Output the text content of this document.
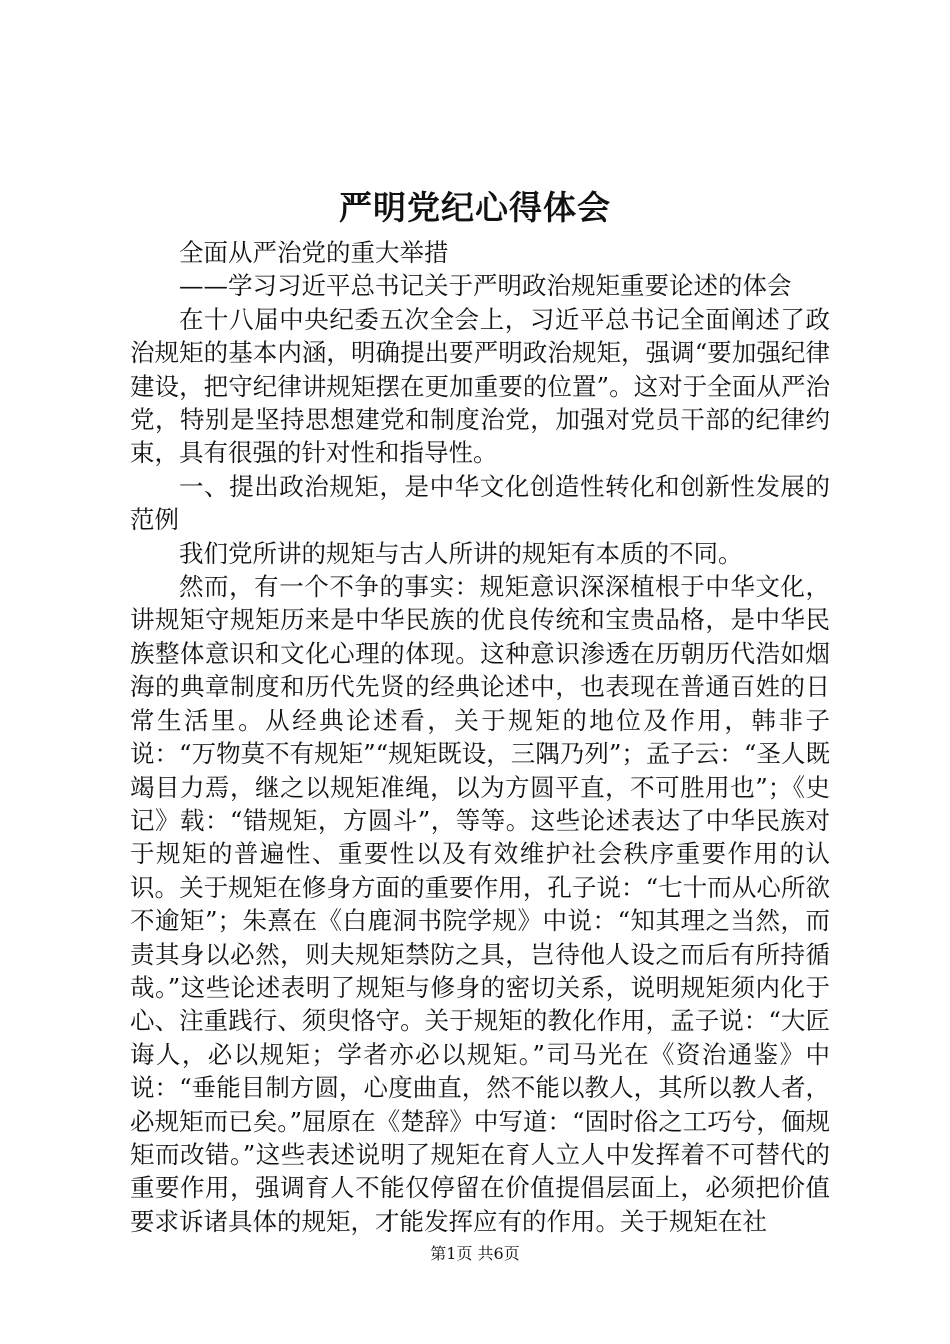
严明党纪心得体会

全面从严治党的重大举措

——学习习近平总书记关于严明政治规矩重要论述的体会

在十八届中央纪委五次全会上，习近平总书记全面阐述了政治规矩的基本内涵，明确提出要严明政治规矩，强调“要加强纪律建设，把守纪律讲规矩摆在更加重要的位置”。这对于全面从严治党，特别是坚持思想建党和制度治党，加强对党员干部的纪律约束，具有很强的针对性和指导性。

一、提出政治规矩，是中华文化创造性转化和创新性发展的范例

我们党所讲的规矩与古人所讲的规矩有本质的不同。

然而，有一个不争的事实：规矩意识深深植根于中华文化，讲规矩守规矩历来是中华民族的优良传统和宝贵品格，是中华民族整体意识和文化心理的体现。这种意识渗透在历朝历代浩如烟海的典章制度和历代先贤的经典论述中，也表现在普通百姓的日常生活里。从经典论述看，关于规矩的地位及作用，韩非子说：“万物莫不有规矩”“规矩既设，三隅乃列”；孟子云：“圣人既竭目力焉，继之以规矩准绳，以为方圆平直，不可胜用也”；《史记》载：“错规矩，方圆斗”，等等。这些论述表达了中华民族对于规矩的普遍性、重要性以及有效维护社会秩序重要作用的认识。关于规矩在修身方面的重要作用，孔子说：“七十而从心所欲不逾矩”；朱熹在《白鹿洞书院学规》中说：“知其理之当然，而责其身以必然，则夫规矩禁防之具，岂待他人设之而后有所持循哉。”这些论述表明了规矩与修身的密切关系，说明规矩须内化于心、注重践行、须臾恪守。关于规矩的教化作用，孟子说：“大匠诲人，必以规矩；学者亦必以规矩。”司马光在《资治通鉴》中说：“垂能目制方圆，心度曲直，然不能以教人，其所以教人者，必规矩而已矣。”屈原在《楚辞》中写道：“固时俗之工巧兮，偭规矩而改错。”这些表述说明了规矩在育人立人中发挥着不可替代的重要作用，强调育人不能仅停留在价值提倡层面上，必须把价值要求诉诸具体的规矩，才能发挥应有的作用。关于规矩在社

第1页 共6页
